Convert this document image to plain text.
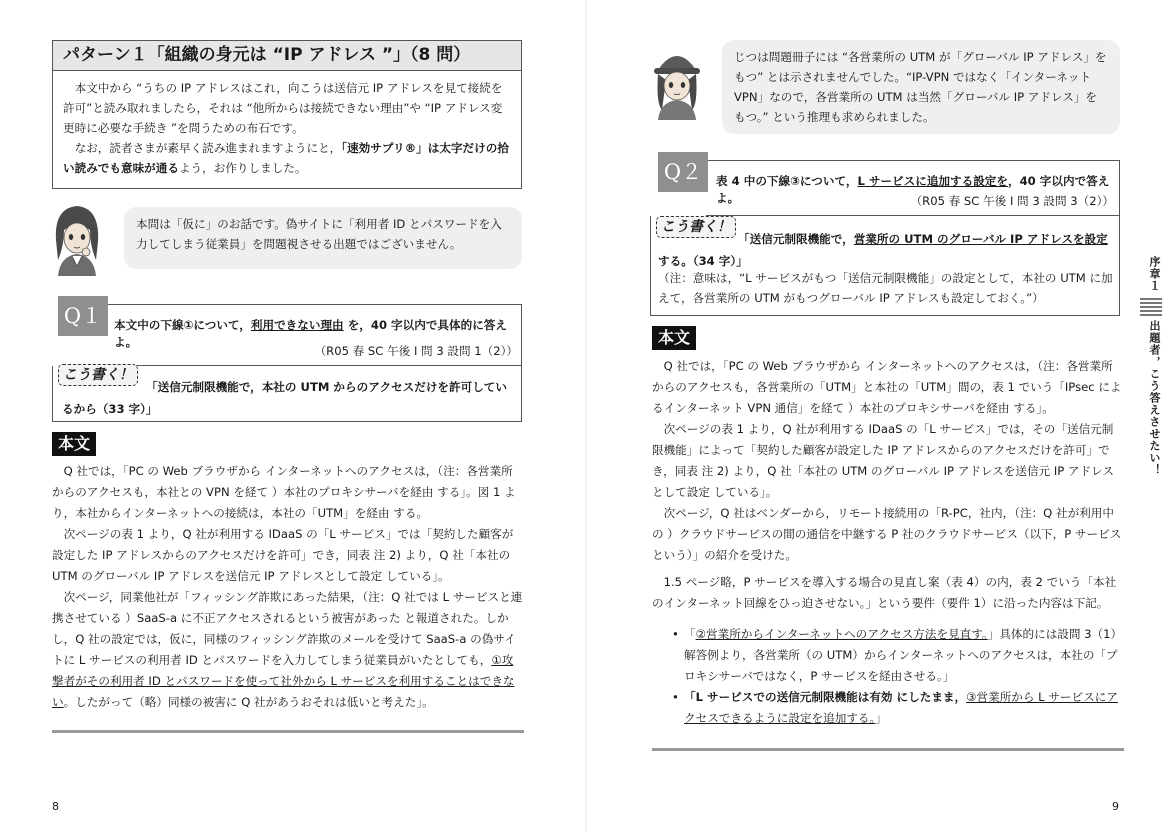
パターン１「組織の身元は “IP アドレス ”」（8 問）

本文中から “うちの IP アドレスはこれ，向こうは送信元 IP アドレスを見て接続を許可”と読み取れましたら，それは “他所からは接続できない理由”や “IP アドレス変更時に必要な手続き ”を問うための布石です。

なお，読者さまが素早く読み進まれますようにと，「速効サプリ®」は太字だけの拾い読みでも意味が通るよう，お作りしました。

本問は「仮に」のお話です。偽サイトに「利用者 ID とパスワードを入力してしまう従業員」を問題視させる出題ではございません。
Q１	本文中の下線①について，利用できない理由 を，40 字以内で具体的に答えよ。
（R05 春 SC 午後 I 問 3 設問 1（2））
こう書く！
「送信元制限機能で，本社の UTM からのアクセスだけを許可しているから（33 字）」
本文

Q 社では，「PC の Web ブラウザから インターネットへのアクセスは，（注：各営業所からのアクセスも，本社との VPN を経て ）本社のプロキシサーバを経由 する」。図 1 より，本社からインターネットへの接続は，本社の「UTM」を経由 する。

次ページの表 1 より，Q 社が利用する IDaaS の「L サービス」では「契約した顧客が設定した IP アドレスからのアクセスだけを許可」でき，同表 注 2) より，Q 社「本社の UTM のグローバル IP アドレスを送信元 IP アドレスとして設定 している」。

次ページ，同業他社が「フィッシング詐欺にあった結果，（注：Q 社では L サービスと連携させている ）SaaS-a に不正アクセスされるという被害があった と報道された。しかし，Q 社の設定では，仮に，同様のフィッシング詐欺のメールを受けて SaaS-a の偽サイトに L サービスの利用者 ID とパスワードを入力してしまう従業員がいたとしても，①攻撃者がその利用者 ID とパスワードを使って社外から L サービスを利用することはできない。したがって（略）同様の被害に Q 社があうおそれは低いと考えた」。

8
じつは問題冊子には “各営業所の UTM が「グローバル IP アドレス」をもつ” とは示されませんでした。“IP-VPN ではなく「インターネット VPN」なので，各営業所の UTM は当然「グローバル IP アドレス」をもつ。” という推理も求められました。
Q２	表 4 中の下線③について，L サービスに追加する設定を，40 字以内で答えよ。	（R05 春 SC 午後 I 問 3 設問 3（2））
こう書く！
「送信元制限機能で，営業所の UTM のグローバル IP アドレスを設定する。（34 字）」
（注：意味は，“L サービスがもつ「送信元制限機能」の設定として，本社の UTM に加えて，各営業所の UTM がもつグローバル IP アドレスも設定しておく。”）
本文

Q 社では，「PC の Web ブラウザから インターネットへのアクセスは，（注：各営業所からのアクセスも，各営業所の「UTM」と本社の「UTM」間の，表 1 でいう「IPsec によるインターネット VPN 通信」を経て ）本社のプロキシサーバを経由 する」。

次ページの表 1 より，Q 社が利用する IDaaS の「L サービス」では，その「送信元制限機能」によって「契約した顧客が設定した IP アドレスからのアクセスだけを許可」でき，同表 注 2) より，Q 社「本社の UTM のグローバル IP アドレスを送信元 IP アドレスとして設定 している」。

次ページ，Q 社はベンダーから，リモート接続用の「R-PC，社内，（注：Q 社が利用中の ）クラウドサービスの間の通信を中継する P 社のクラウドサービス（以下，P サービスという）」の紹介を受けた。

1.5 ページ略，P サービスを導入する場合の見直し案（表 4）の内，表 2 でいう「本社のインターネット回線をひっ迫させない。」という要件（要件 1）に沿った内容は下記。

• 「②営業所からインターネットへのアクセス方法を見直す。」具体的には設問 3（1）解答例より，各営業所（の UTM）からインターネットへのアクセスは，本社の「プロキシサーバではなく，P サービスを経由させる。」
• 「L サービスでの送信元制限機能は有効 にしたまま，③営業所から L サービスにアクセスできるように設定を追加する。」
9
序章１
出題者，こう答えさせたい！
